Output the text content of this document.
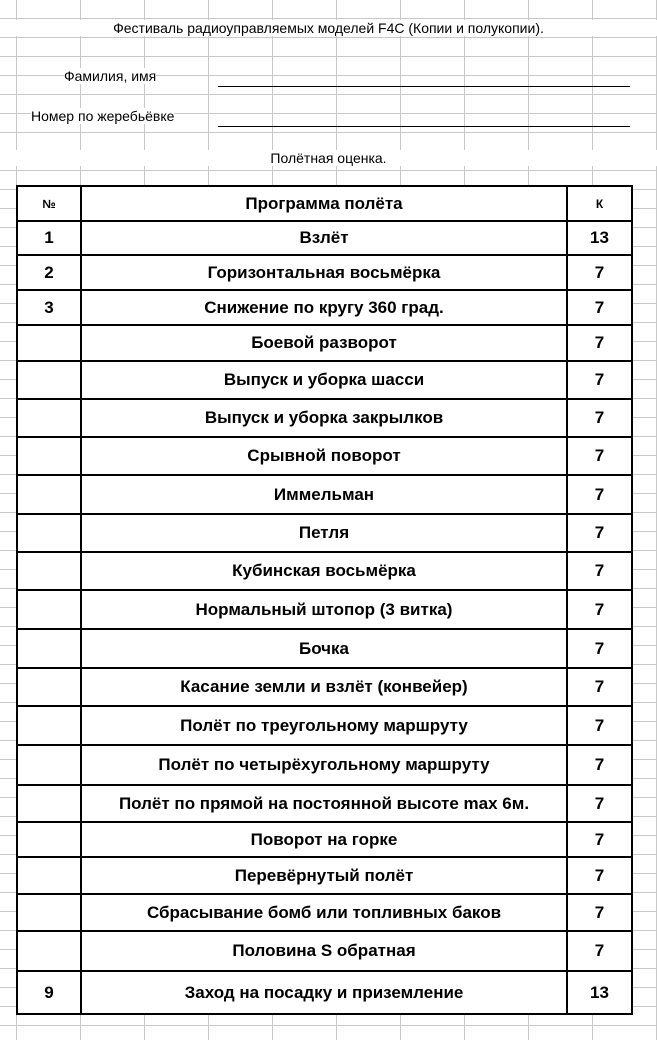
Фестиваль радиоуправляемых моделей F4C (Копии и полукопии).
Фамилия, имя
Номер по жеребьёвке
Полётная оценка.
№	Программа полёта	К
1	Взлёт	13
2	Горизонтальная восьмёрка	7
3	Снижение по кругу 360 град.	7
	Боевой разворот	7
	Выпуск и уборка шасси	7
	Выпуск и уборка закрылков	7
	Срывной поворот	7
	Иммельман	7
	Петля	7
	Кубинская восьмёрка	7
	Нормальный штопор (3 витка)	7
	Бочка	7
	Касание земли и взлёт (конвейер)	7
	Полёт по треугольному маршруту	7
	Полёт по четырёхугольному маршруту	7
	Полёт по прямой на постоянной высоте max 6м.	7
	Поворот на горке	7
	Перевёрнутый полёт	7
	Сбрасывание бомб или топливных баков	7
	Половина S обратная	7
9	Заход на посадку и приземление	13
